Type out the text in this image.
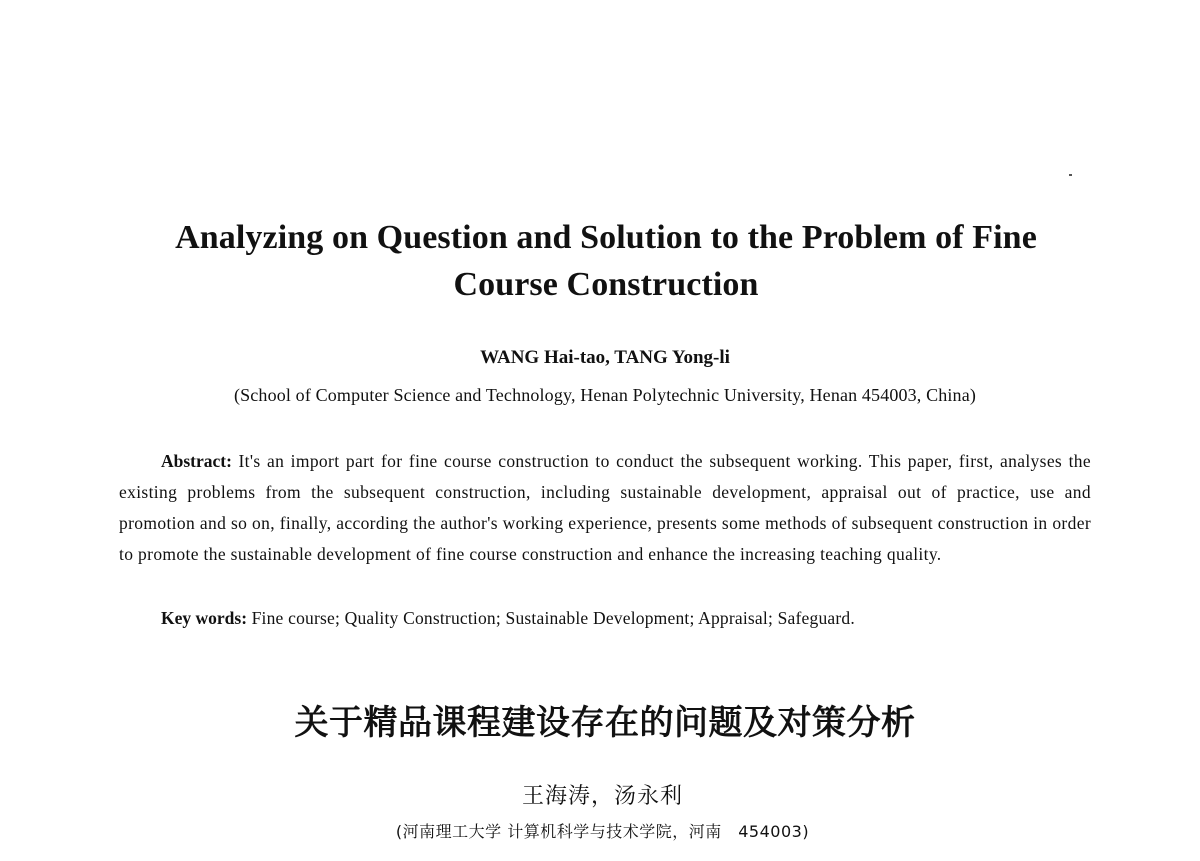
Analyzing on Question and Solution to the Problem of Fine
Course Construction
WANG Hai-tao, TANG Yong-li
(School of Computer Science and Technology, Henan Polytechnic University, Henan 454003, China)

Abstract: It's an import part for fine course construction to conduct the subsequent working. This paper, first, analyses the existing problems from the subsequent construction, including sustainable development, appraisal out of practice, use and promotion and so on, finally, according the author's working experience, presents some methods of subsequent construction in order to promote the sustainable development of fine course construction and enhance the increasing teaching quality.

Key words: Fine course; Quality Construction; Sustainable Development; Appraisal; Safeguard.

关于精品课程建设存在的问题及对策分析
王海涛，汤永利
(河南理工大学 计算机科学与技术学院，河南　454003)
